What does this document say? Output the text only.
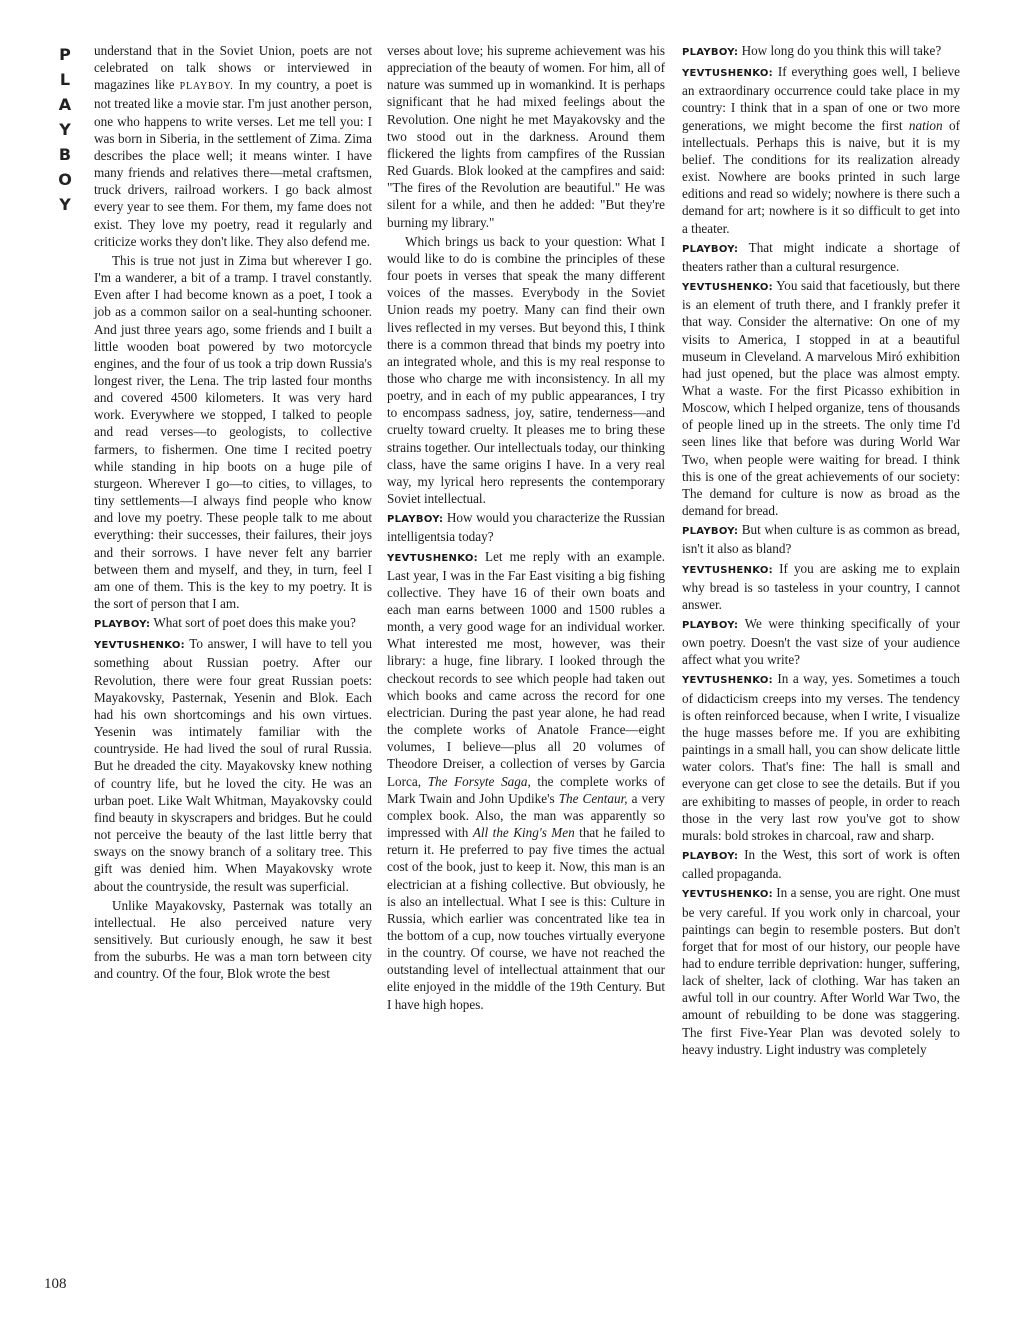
P
L
A
Y
B
O
Y
108

understand that in the Soviet Union, poets are not celebrated on talk shows or interviewed in magazines like PLAYBOY. In my country, a poet is not treated like a movie star. I'm just another person, one who happens to write verses. Let me tell you: I was born in Siberia, in the settlement of Zima. Zima describes the place well; it means winter. I have many friends and relatives there—metal craftsmen, truck drivers, railroad workers. I go back almost every year to see them. For them, my fame does not exist. They love my poetry, read it regularly and criticize works they don't like. They also defend me.

This is true not just in Zima but wherever I go. I'm a wanderer, a bit of a tramp. I travel constantly. Even after I had become known as a poet, I took a job as a common sailor on a seal-hunting schooner. And just three years ago, some friends and I built a little wooden boat powered by two motorcycle engines, and the four of us took a trip down Russia's longest river, the Lena. The trip lasted four months and covered 4500 kilometers. It was very hard work. Everywhere we stopped, I talked to people and read verses—to geologists, to collective farmers, to fishermen. One time I recited poetry while standing in hip boots on a huge pile of sturgeon. Wherever I go—to cities, to villages, to tiny settlements—I always find people who know and love my poetry. These people talk to me about everything: their successes, their failures, their joys and their sorrows. I have never felt any barrier between them and myself, and they, in turn, feel I am one of them. This is the key to my poetry. It is the sort of person that I am.

PLAYBOY: What sort of poet does this make you?

YEVTUSHENKO: To answer, I will have to tell you something about Russian poetry. After our Revolution, there were four great Russian poets: Mayakovsky, Pasternak, Yesenin and Blok. Each had his own shortcomings and his own virtues. Yesenin was intimately familiar with the countryside. He had lived the soul of rural Russia. But he dreaded the city. Mayakovsky knew nothing of country life, but he loved the city. He was an urban poet. Like Walt Whitman, Mayakovsky could find beauty in skyscrapers and bridges. But he could not perceive the beauty of the last little berry that sways on the snowy branch of a solitary tree. This gift was denied him. When Mayakovsky wrote about the countryside, the result was superficial.

Unlike Mayakovsky, Pasternak was totally an intellectual. He also perceived nature very sensitively. But curiously enough, he saw it best from the suburbs. He was a man torn between city and country. Of the four, Blok wrote the best

verses about love; his supreme achievement was his appreciation of the beauty of women. For him, all of nature was summed up in womankind. It is perhaps significant that he had mixed feelings about the Revolution. One night he met Mayakovsky and the two stood out in the darkness. Around them flickered the lights from campfires of the Russian Red Guards. Blok looked at the campfires and said: "The fires of the Revolution are beautiful." He was silent for a while, and then he added: "But they're burning my library."

Which brings us back to your question: What I would like to do is combine the principles of these four poets in verses that speak the many different voices of the masses. Everybody in the Soviet Union reads my poetry. Many can find their own lives reflected in my verses. But beyond this, I think there is a common thread that binds my poetry into an integrated whole, and this is my real response to those who charge me with inconsistency. In all my poetry, and in each of my public appearances, I try to encompass sadness, joy, satire, tenderness—and cruelty toward cruelty. It pleases me to bring these strains together. Our intellectuals today, our thinking class, have the same origins I have. In a very real way, my lyrical hero represents the contemporary Soviet intellectual.

PLAYBOY: How would you characterize the Russian intelligentsia today?

YEVTUSHENKO: Let me reply with an example. Last year, I was in the Far East visiting a big fishing collective. They have 16 of their own boats and each man earns between 1000 and 1500 rubles a month, a very good wage for an individual worker. What interested me most, however, was their library: a huge, fine library. I looked through the checkout records to see which people had taken out which books and came across the record for one electrician. During the past year alone, he had read the complete works of Anatole France—eight volumes, I believe—plus all 20 volumes of Theodore Dreiser, a collection of verses by Garcia Lorca, The Forsyte Saga, the complete works of Mark Twain and John Updike's The Centaur, a very complex book. Also, the man was apparently so impressed with All the King's Men that he failed to return it. He preferred to pay five times the actual cost of the book, just to keep it. Now, this man is an electrician at a fishing collective. But obviously, he is also an intellectual. What I see is this: Culture in Russia, which earlier was concentrated like tea in the bottom of a cup, now touches virtually everyone in the country. Of course, we have not reached the outstanding level of intellectual attainment that our elite enjoyed in the middle of the 19th Century. But I have high hopes.

PLAYBOY: How long do you think this will take?

YEVTUSHENKO: If everything goes well, I believe an extraordinary occurrence could take place in my country: I think that in a span of one or two more generations, we might become the first nation of intellectuals. Perhaps this is naive, but it is my belief. The conditions for its realization already exist. Nowhere are books printed in such large editions and read so widely; nowhere is there such a demand for art; nowhere is it so difficult to get into a theater.

PLAYBOY: That might indicate a shortage of theaters rather than a cultural resurgence.

YEVTUSHENKO: You said that facetiously, but there is an element of truth there, and I frankly prefer it that way. Consider the alternative: On one of my visits to America, I stopped in at a beautiful museum in Cleveland. A marvelous Miró exhibition had just opened, but the place was almost empty. What a waste. For the first Picasso exhibition in Moscow, which I helped organize, tens of thousands of people lined up in the streets. The only time I'd seen lines like that before was during World War Two, when people were waiting for bread. I think this is one of the great achievements of our society: The demand for culture is now as broad as the demand for bread.

PLAYBOY: But when culture is as common as bread, isn't it also as bland?

YEVTUSHENKO: If you are asking me to explain why bread is so tasteless in your country, I cannot answer.

PLAYBOY: We were thinking specifically of your own poetry. Doesn't the vast size of your audience affect what you write?

YEVTUSHENKO: In a way, yes. Sometimes a touch of didacticism creeps into my verses. The tendency is often reinforced because, when I write, I visualize the huge masses before me. If you are exhibiting paintings in a small hall, you can show delicate little water colors. That's fine: The hall is small and everyone can get close to see the details. But if you are exhibiting to masses of people, in order to reach those in the very last row you've got to show murals: bold strokes in charcoal, raw and sharp.

PLAYBOY: In the West, this sort of work is often called propaganda.

YEVTUSHENKO: In a sense, you are right. One must be very careful. If you work only in charcoal, your paintings can begin to resemble posters. But don't forget that for most of our history, our people have had to endure terrible deprivation: hunger, suffering, lack of shelter, lack of clothing. War has taken an awful toll in our country. After World War Two, the amount of rebuilding to be done was staggering. The first Five-Year Plan was devoted solely to heavy industry. Light industry was completely
